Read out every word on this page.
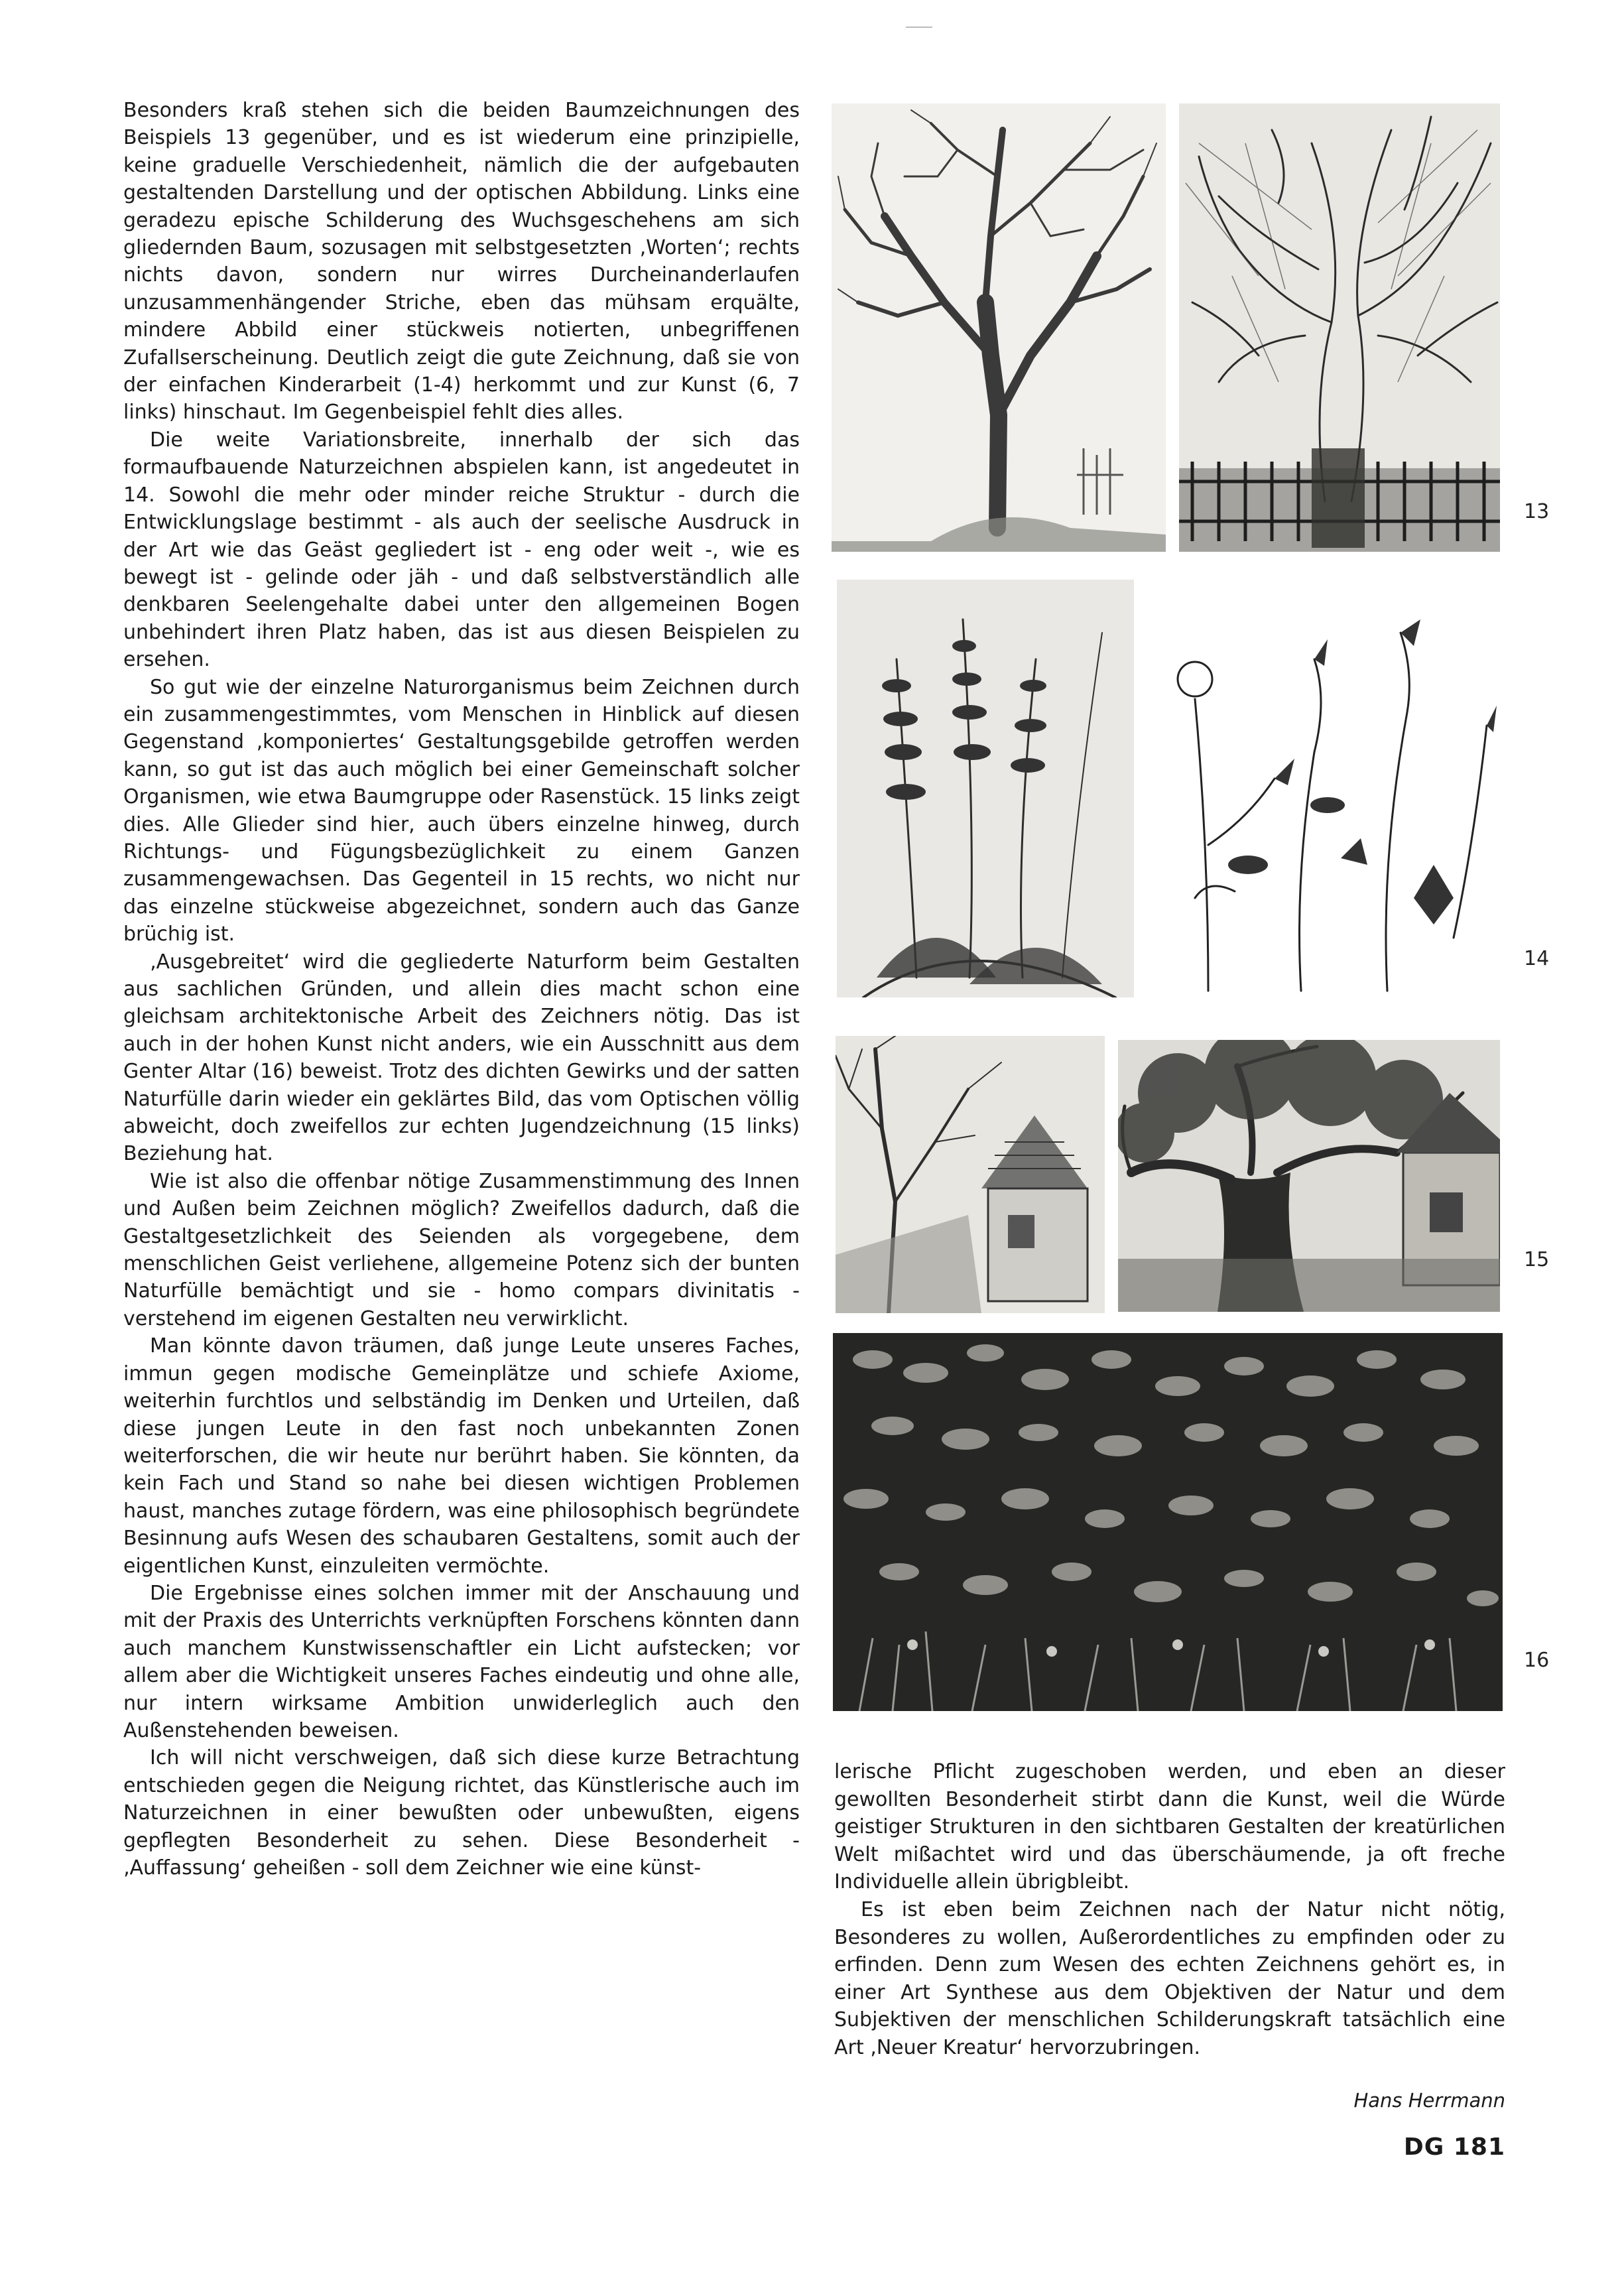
Besonders kraß stehen sich die beiden Baumzeichnungen des Beispiels 13 gegenüber, und es ist wiederum eine prinzipielle, keine graduelle Verschiedenheit, nämlich die der aufgebauten gestaltenden Darstellung und der optischen Abbildung. Links eine geradezu epische Schilderung des Wuchsgeschehens am sich gliedernden Baum, sozusagen mit selbstgesetzten ‚Worten‘; rechts nichts davon, sondern nur wirres Durcheinanderlaufen unzusammenhängender Striche, eben das mühsam erquälte, mindere Abbild einer stückweis notierten, unbegriffenen Zufallserscheinung. Deutlich zeigt die gute Zeichnung, daß sie von der einfachen Kinderarbeit (1-4) herkommt und zur Kunst (6, 7 links) hinschaut. Im Gegenbeispiel fehlt dies alles.

Die weite Variationsbreite, innerhalb der sich das formaufbauende Naturzeichnen abspielen kann, ist angedeutet in 14. Sowohl die mehr oder minder reiche Struktur - durch die Entwicklungslage bestimmt - als auch der seelische Ausdruck in der Art wie das Geäst gegliedert ist - eng oder weit -, wie es bewegt ist - gelinde oder jäh - und daß selbstverständlich alle denkbaren Seelengehalte dabei unter den allgemeinen Bogen unbehindert ihren Platz haben, das ist aus diesen Beispielen zu ersehen.

So gut wie der einzelne Naturorganismus beim Zeichnen durch ein zusammengestimmtes, vom Menschen in Hinblick auf diesen Gegenstand ‚komponiertes‘ Gestaltungsgebilde getroffen werden kann, so gut ist das auch möglich bei einer Gemeinschaft solcher Organismen, wie etwa Baumgruppe oder Rasenstück. 15 links zeigt dies. Alle Glieder sind hier, auch übers einzelne hinweg, durch Richtungs- und Fügungsbezüglichkeit zu einem Ganzen zusammengewachsen. Das Gegenteil in 15 rechts, wo nicht nur das einzelne stückweise abgezeichnet, sondern auch das Ganze brüchig ist.

‚Ausgebreitet‘ wird die gegliederte Naturform beim Gestalten aus sachlichen Gründen, und allein dies macht schon eine gleichsam architektonische Arbeit des Zeichners nötig. Das ist auch in der hohen Kunst nicht anders, wie ein Ausschnitt aus dem Genter Altar (16) beweist. Trotz des dichten Gewirks und der satten Naturfülle darin wieder ein geklärtes Bild, das vom Optischen völlig abweicht, doch zweifellos zur echten Jugendzeichnung (15 links) Beziehung hat.

Wie ist also die offenbar nötige Zusammenstimmung des Innen und Außen beim Zeichnen möglich? Zweifellos dadurch, daß die Gestaltgesetzlichkeit des Seienden als vorgegebene, dem menschlichen Geist verliehene, allgemeine Potenz sich der bunten Naturfülle bemächtigt und sie - homo compars divinitatis - verstehend im eigenen Gestalten neu verwirklicht.

Man könnte davon träumen, daß junge Leute unseres Faches, immun gegen modische Gemeinplätze und schiefe Axiome, weiterhin furchtlos und selbständig im Denken und Urteilen, daß diese jungen Leute in den fast noch unbekannten Zonen weiterforschen, die wir heute nur berührt haben. Sie könnten, da kein Fach und Stand so nahe bei diesen wichtigen Problemen haust, manches zutage fördern, was eine philosophisch begründete Besinnung aufs Wesen des schaubaren Gestaltens, somit auch der eigentlichen Kunst, einzuleiten vermöchte.

Die Ergebnisse eines solchen immer mit der Anschauung und mit der Praxis des Unterrichts verknüpften Forschens könnten dann auch manchem Kunstwissenschaftler ein Licht aufstecken; vor allem aber die Wichtigkeit unseres Faches eindeutig und ohne alle, nur intern wirksame Ambition unwiderleglich auch den Außenstehenden beweisen.

Ich will nicht verschweigen, daß sich diese kurze Betrachtung entschieden gegen die Neigung richtet, das Künstlerische auch im Naturzeichnen in einer bewußten oder unbewußten, eigens gepflegten Besonderheit zu sehen. Diese Besonderheit - ‚Auffassung‘ geheißen - soll dem Zeichner wie eine künst-

13
14
15
16

lerische Pflicht zugeschoben werden, und eben an dieser gewollten Besonderheit stirbt dann die Kunst, weil die Würde geistiger Strukturen in den sichtbaren Gestalten der kreatürlichen Welt mißachtet wird und das überschäumende, ja oft freche Individuelle allein übrigbleibt.

Es ist eben beim Zeichnen nach der Natur nicht nötig, Besonderes zu wollen, Außerordentliches zu empfinden oder zu erfinden. Denn zum Wesen des echten Zeichnens gehört es, in einer Art Synthese aus dem Objektiven der Natur und dem Subjektiven der menschlichen Schilderungskraft tatsächlich eine Art ‚Neuer Kreatur‘ hervorzubringen.

Hans Herrmann
DG 181
